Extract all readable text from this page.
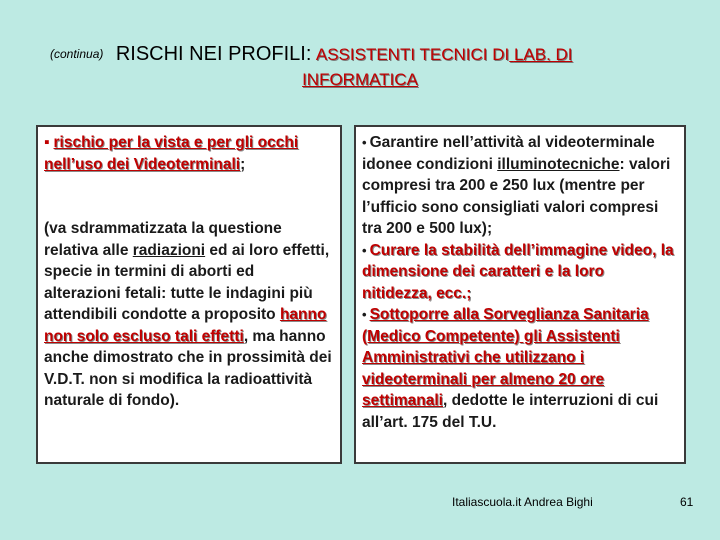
(continua) RISCHI NEI PROFILI: ASSISTENTI TECNICI DI LAB. DI
INFORMATICA

▪ rischio per la vista e per gli occhi nell’uso dei Videoterminali;

(va sdrammatizzata la questione relativa alle radiazioni ed ai loro effetti, specie in termini di aborti ed alterazioni fetali: tutte le indagini più attendibili condotte a proposito hanno non solo escluso tali effetti, ma hanno anche dimostrato che in prossimità dei V.D.T. non si modifica la radioattività naturale di fondo).

• Garantire nell’attività al videoterminale idonee condizioni illuminotecniche: valori compresi tra 200 e 250 lux (mentre per l’ufficio sono consigliati valori compresi tra 200 e 500 lux);

• Curare la stabilità dell’immagine video, la dimensione dei caratteri e la loro nitidezza, ecc.;

• Sottoporre alla Sorveglianza Sanitaria (Medico Competente) gli Assistenti Amministrativi che utilizzano i videoterminali per almeno 20 ore settimanali, dedotte le interruzioni di cui all’art. 175 del T.U.

Italiascuola.it Andrea Bighi	61
